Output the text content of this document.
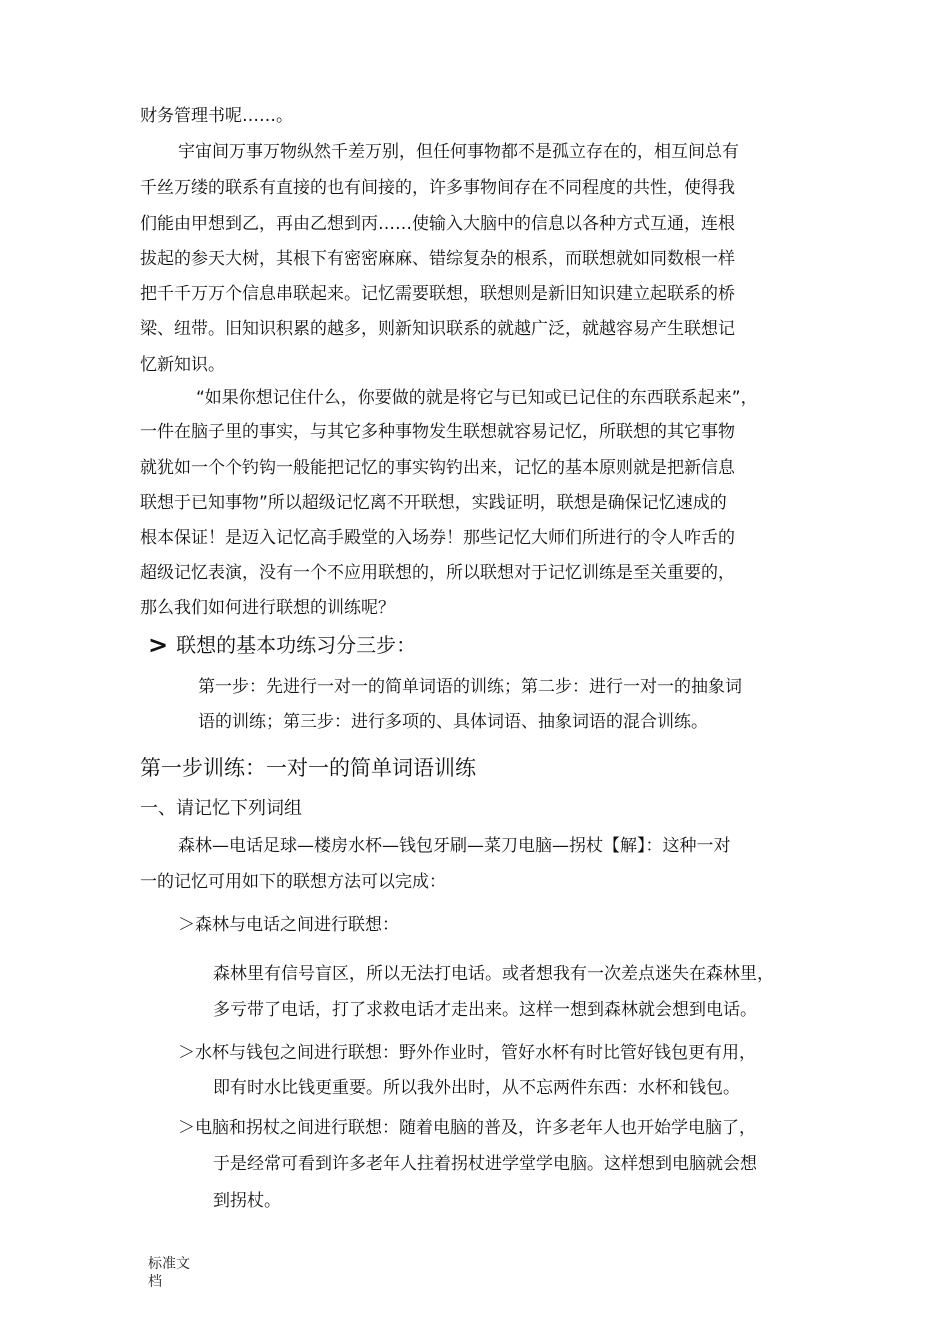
财务管理书呢……。
宇宙间万事万物纵然千差万别，但任何事物都不是孤立存在的，相互间总有
千丝万缕的联系有直接的也有间接的，许多事物间存在不同程度的共性，使得我
们能由甲想到乙，再由乙想到丙……使输入大脑中的信息以各种方式互通，连根
拔起的参天大树，其根下有密密麻麻、错综复杂的根系，而联想就如同数根一样
把千千万万个信息串联起来。记忆需要联想，联想则是新旧知识建立起联系的桥
梁、纽带。旧知识积累的越多，则新知识联系的就越广泛，就越容易产生联想记
忆新知识。
“如果你想记住什么，你要做的就是将它与已知或已记住的东西联系起来”，
一件在脑子里的事实，与其它多种事物发生联想就容易记忆，所联想的其它事物
就犹如一个个钓钩一般能把记忆的事实钩钓出来，记忆的基本原则就是把新信息
联想于已知事物”所以超级记忆离不开联想，实践证明，联想是确保记忆速成的
根本保证！是迈入记忆高手殿堂的入场券！那些记忆大师们所进行的令人咋舌的
超级记忆表演，没有一个不应用联想的，所以联想对于记忆训练是至关重要的，
那么我们如何进行联想的训练呢？
> 联想的基本功练习分三步：
第一步：先进行一对一的简单词语的训练；第二步：进行一对一的抽象词
语的训练；第三步：进行多项的、具体词语、抽象词语的混合训练。
第一步训练：一对一的简单词语训练
一、请记忆下列词组
森林—电话足球—楼房水杯—钱包牙刷—菜刀电脑—拐杖【解】：这种一对
一的记忆可用如下的联想方法可以完成：
＞森林与电话之间进行联想：
森林里有信号盲区，所以无法打电话。或者想我有一次差点迷失在森林里，
多亏带了电话，打了求救电话才走出来。这样一想到森林就会想到电话。
＞水杯与钱包之间进行联想：野外作业时，管好水杯有时比管好钱包更有用，
即有时水比钱更重要。所以我外出时，从不忘两件东西：水杯和钱包。
＞电脑和拐杖之间进行联想：随着电脑的普及，许多老年人也开始学电脑了，
于是经常可看到许多老年人拄着拐杖进学堂学电脑。这样想到电脑就会想
到拐杖。
标准文
档
